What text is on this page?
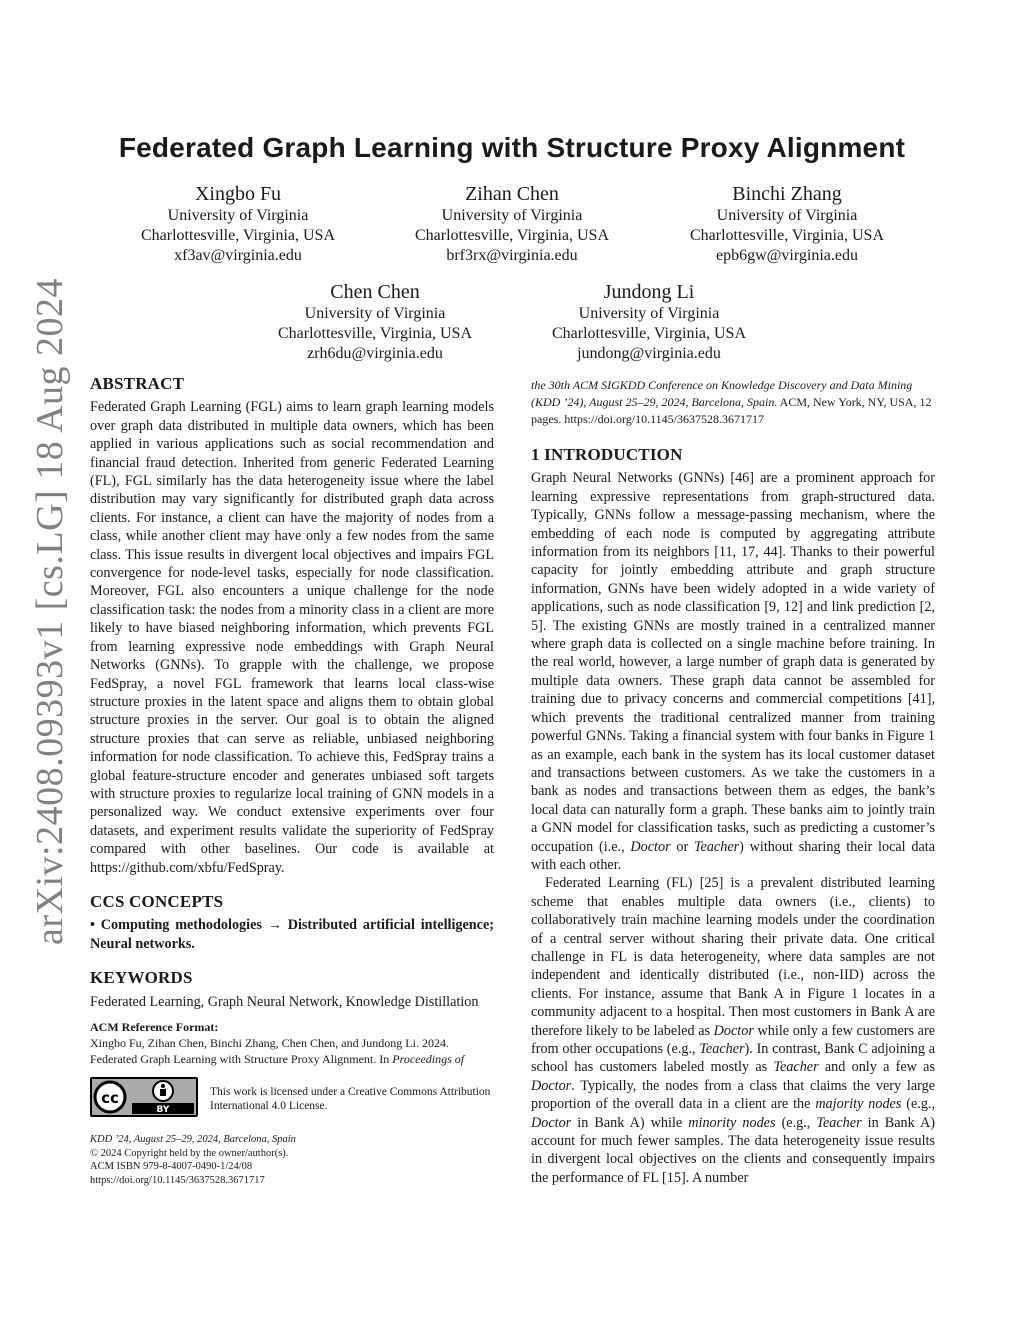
Federated Graph Learning with Structure Proxy Alignment
Xingbo Fu
University of Virginia
Charlottesville, Virginia, USA
xf3av@virginia.edu
Zihan Chen
University of Virginia
Charlottesville, Virginia, USA
brf3rx@virginia.edu
Binchi Zhang
University of Virginia
Charlottesville, Virginia, USA
epb6gw@virginia.edu
Chen Chen
University of Virginia
Charlottesville, Virginia, USA
zrh6du@virginia.edu
Jundong Li
University of Virginia
Charlottesville, Virginia, USA
jundong@virginia.edu
arXiv:2408.09393v1 [cs.LG] 18 Aug 2024 ABSTRACT

Federated Graph Learning (FGL) aims to learn graph learning models over graph data distributed in multiple data owners, which has been applied in various applications such as social recommendation and financial fraud detection. Inherited from generic Federated Learning (FL), FGL similarly has the data heterogeneity issue where the label distribution may vary significantly for distributed graph data across clients. For instance, a client can have the majority of nodes from a class, while another client may have only a few nodes from the same class. This issue results in divergent local objectives and impairs FGL convergence for node-level tasks, especially for node classification. Moreover, FGL also encounters a unique challenge for the node classification task: the nodes from a minority class in a client are more likely to have biased neighboring information, which prevents FGL from learning expressive node embeddings with Graph Neural Networks (GNNs). To grapple with the challenge, we propose FedSpray, a novel FGL framework that learns local class-wise structure proxies in the latent space and aligns them to obtain global structure proxies in the server. Our goal is to obtain the aligned structure proxies that can serve as reliable, unbiased neighboring information for node classification. To achieve this, FedSpray trains a global feature-structure encoder and generates unbiased soft targets with structure proxies to regularize local training of GNN models in a personalized way. We conduct extensive experiments over four datasets, and experiment results validate the superiority of FedSpray compared with other baselines. Our code is available at https://github.com/xbfu/FedSpray.

CCS CONCEPTS

• Computing methodologies → Distributed artificial intelligence; Neural networks.

KEYWORDS

Federated Learning, Graph Neural Network, Knowledge Distillation

ACM Reference Format:
Xingbo Fu, Zihan Chen, Binchi Zhang, Chen Chen, and Jundong Li. 2024.
Federated Graph Learning with Structure Proxy Alignment. In Proceedings of
cc
BY
This work is licensed under a Creative Commons Attribution International 4.0 License.
KDD ’24, August 25–29, 2024, Barcelona, Spain
© 2024 Copyright held by the owner/author(s).
ACM ISBN 979-8-4007-0490-1/24/08
https://doi.org/10.1145/3637528.3671717
the 30th ACM SIGKDD Conference on Knowledge Discovery and Data Mining (KDD ’24), August 25–29, 2024, Barcelona, Spain. ACM, New York, NY, USA, 12 pages. https://doi.org/10.1145/3637528.3671717
1 INTRODUCTION

Graph Neural Networks (GNNs) [46] are a prominent approach for learning expressive representations from graph-structured data. Typically, GNNs follow a message-passing mechanism, where the embedding of each node is computed by aggregating attribute information from its neighbors [11, 17, 44]. Thanks to their powerful capacity for jointly embedding attribute and graph structure information, GNNs have been widely adopted in a wide variety of applications, such as node classification [9, 12] and link prediction [2, 5]. The existing GNNs are mostly trained in a centralized manner where graph data is collected on a single machine before training. In the real world, however, a large number of graph data is generated by multiple data owners. These graph data cannot be assembled for training due to privacy concerns and commercial competitions [41], which prevents the traditional centralized manner from training powerful GNNs. Taking a financial system with four banks in Figure 1 as an example, each bank in the system has its local customer dataset and transactions between customers. As we take the customers in a bank as nodes and transactions between them as edges, the bank’s local data can naturally form a graph. These banks aim to jointly train a GNN model for classification tasks, such as predicting a customer’s occupation (i.e., Doctor or Teacher) without sharing their local data with each other.

Federated Learning (FL) [25] is a prevalent distributed learning scheme that enables multiple data owners (i.e., clients) to collaboratively train machine learning models under the coordination of a central server without sharing their private data. One critical challenge in FL is data heterogeneity, where data samples are not independent and identically distributed (i.e., non-IID) across the clients. For instance, assume that Bank A in Figure 1 locates in a community adjacent to a hospital. Then most customers in Bank A are therefore likely to be labeled as Doctor while only a few customers are from other occupations (e.g., Teacher). In contrast, Bank C adjoining a school has customers labeled mostly as Teacher and only a few as Doctor. Typically, the nodes from a class that claims the very large proportion of the overall data in a client are the majority nodes (e.g., Doctor in Bank A) while minority nodes (e.g., Teacher in Bank A) account for much fewer samples. The data heterogeneity issue results in divergent local objectives on the clients and consequently impairs the performance of FL [15]. A number
